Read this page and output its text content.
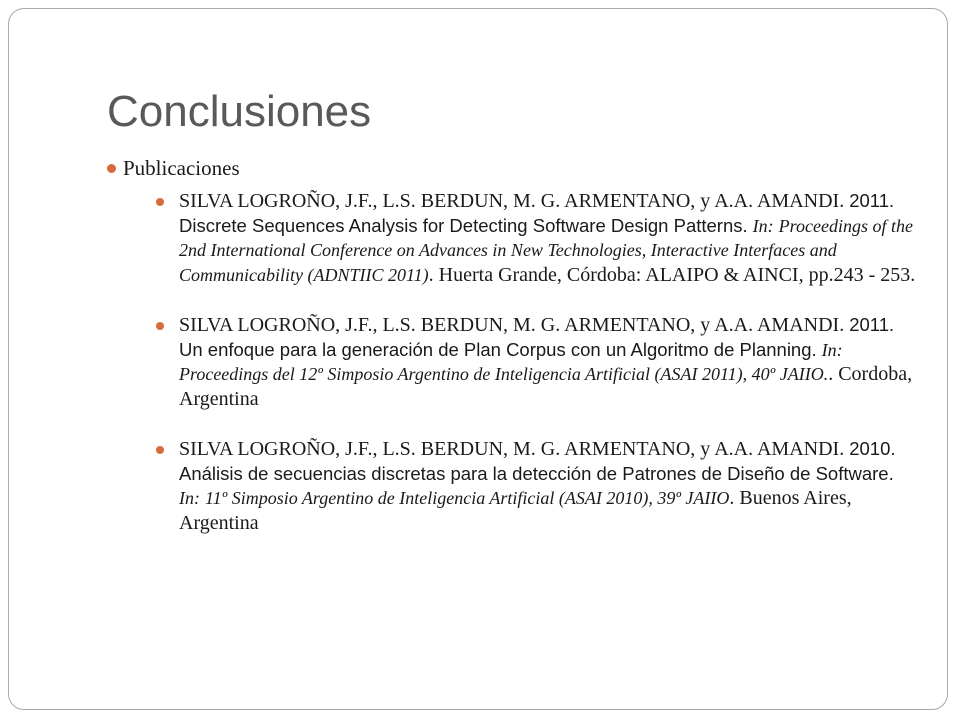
Conclusiones
Publicaciones
SILVA LOGROÑO, J.F., L.S. BERDUN, M. G. ARMENTANO, y A.A. AMANDI. 2011. Discrete Sequences Analysis for Detecting Software Design Patterns. In: Proceedings of the 2nd International Conference on Advances in New Technologies, Interactive Interfaces and Communicability (ADNTIIC 2011). Huerta Grande, Córdoba: ALAIPO & AINCI, pp.243 - 253.
SILVA LOGROÑO, J.F., L.S. BERDUN, M. G. ARMENTANO, y A.A. AMANDI. 2011. Un enfoque para la generación de Plan Corpus con un Algoritmo de Planning. In: Proceedings del 12º Simposio Argentino de Inteligencia Artificial (ASAI 2011), 40º JAIIO.. Cordoba, Argentina
SILVA LOGROÑO, J.F., L.S. BERDUN, M. G. ARMENTANO, y A.A. AMANDI. 2010. Análisis de secuencias discretas para la detección de Patrones de Diseño de Software. In: 11º Simposio Argentino de Inteligencia Artificial (ASAI 2010), 39º JAIIO. Buenos Aires, Argentina
